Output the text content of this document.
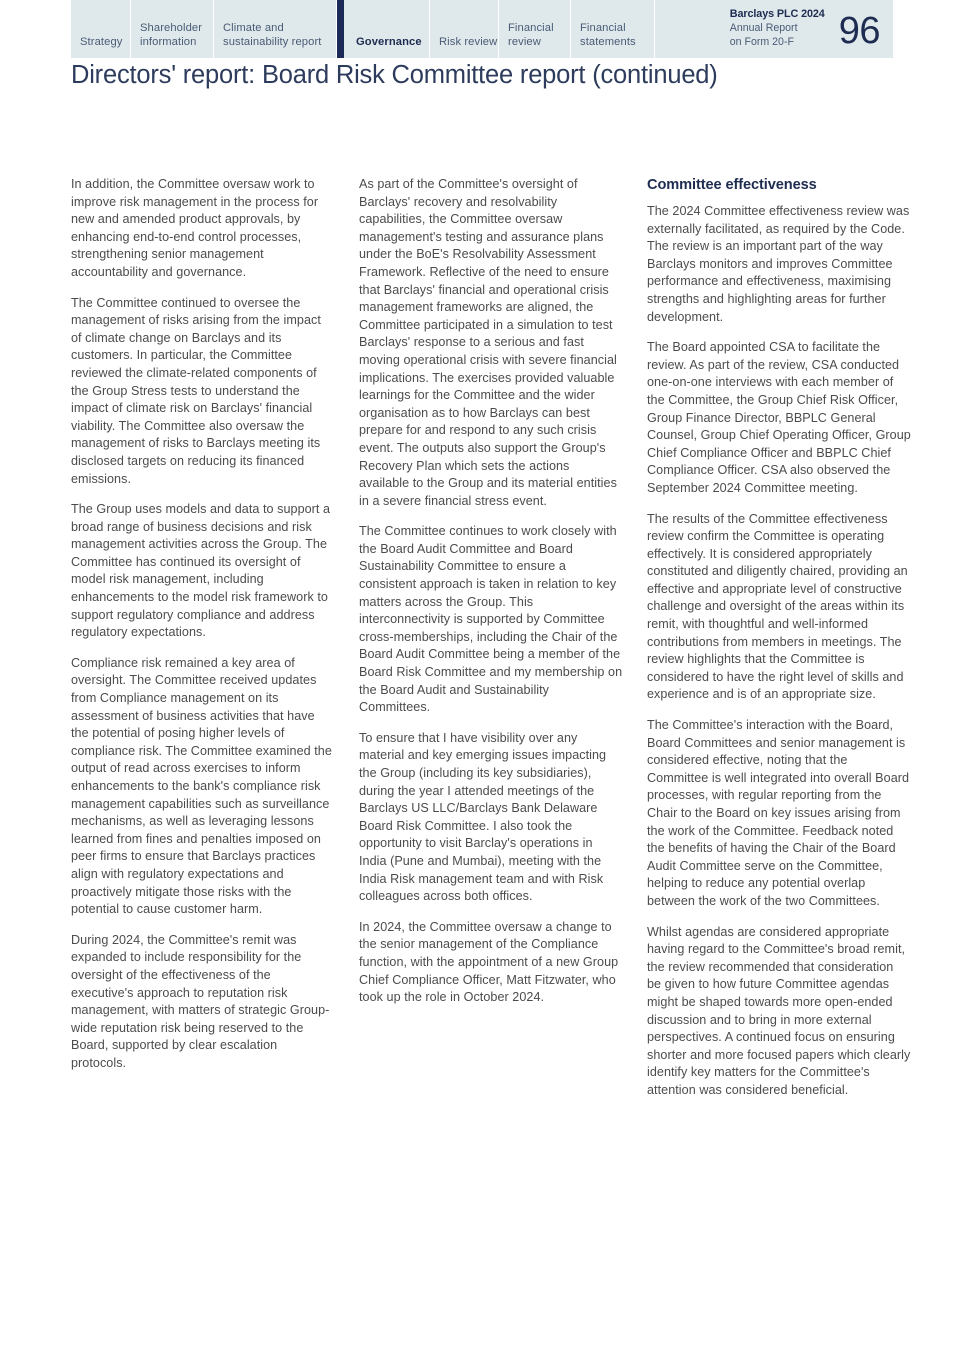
Strategy
Shareholder information
Climate and sustainability report	Governance Risk review
Financial review
Financial statements
Barclays PLC 2024
Annual Report
on Form 20-F	96
Directors' report: Board Risk Committee report (continued)

In addition, the Committee oversaw work to improve risk management in the process for new and amended product approvals, by enhancing end-to-end control processes, strengthening senior management accountability and governance.

The Committee continued to oversee the management of risks arising from the impact of climate change on Barclays and its customers. In particular, the Committee reviewed the climate-related components of the Group Stress tests to understand the impact of climate risk on Barclays' financial viability. The Committee also oversaw the management of risks to Barclays meeting its disclosed targets on reducing its financed emissions.

The Group uses models and data to support a broad range of business decisions and risk management activities across the Group. The Committee has continued its oversight of model risk management, including enhancements to the model risk framework to support regulatory compliance and address regulatory expectations.

Compliance risk remained a key area of oversight. The Committee received updates from Compliance management on its assessment of business activities that have the potential of posing higher levels of compliance risk. The Committee examined the output of read across exercises to inform enhancements to the bank's compliance risk management capabilities such as surveillance mechanisms, as well as leveraging lessons learned from fines and penalties imposed on peer firms to ensure that Barclays practices align with regulatory expectations and proactively mitigate those risks with the potential to cause customer harm.

During 2024, the Committee's remit was expanded to include responsibility for the oversight of the effectiveness of the executive's approach to reputation risk management, with matters of strategic Group-wide reputation risk being reserved to the Board, supported by clear escalation protocols.

As part of the Committee's oversight of Barclays' recovery and resolvability capabilities, the Committee oversaw management's testing and assurance plans under the BoE's Resolvability Assessment Framework. Reflective of the need to ensure that Barclays' financial and operational crisis management frameworks are aligned, the Committee participated in a simulation to test Barclays' response to a serious and fast moving operational crisis with severe financial implications. The exercises provided valuable learnings for the Committee and the wider organisation as to how Barclays can best prepare for and respond to any such crisis event. The outputs also support the Group's Recovery Plan which sets the actions available to the Group and its material entities in a severe financial stress event.

The Committee continues to work closely with the Board Audit Committee and Board Sustainability Committee to ensure a consistent approach is taken in relation to key matters across the Group. This interconnectivity is supported by Committee cross-memberships, including the Chair of the Board Audit Committee being a member of the Board Risk Committee and my membership on the Board Audit and Sustainability Committees.

To ensure that I have visibility over any material and key emerging issues impacting the Group (including its key subsidiaries), during the year I attended meetings of the Barclays US LLC/Barclays Bank Delaware Board Risk Committee. I also took the opportunity to visit Barclay's operations in India (Pune and Mumbai), meeting with the India Risk management team and with Risk colleagues across both offices.

In 2024, the Committee oversaw a change to the senior management of the Compliance function, with the appointment of a new Group Chief Compliance Officer, Matt Fitzwater, who took up the role in October 2024.

Committee effectiveness

The 2024 Committee effectiveness review was externally facilitated, as required by the Code. The review is an important part of the way Barclays monitors and improves Committee performance and effectiveness, maximising strengths and highlighting areas for further development.

The Board appointed CSA to facilitate the review. As part of the review, CSA conducted one-on-one interviews with each member of the Committee, the Group Chief Risk Officer, Group Finance Director, BBPLC General Counsel, Group Chief Operating Officer, Group Chief Compliance Officer and BBPLC Chief Compliance Officer. CSA also observed the September 2024 Committee meeting.

The results of the Committee effectiveness review confirm the Committee is operating effectively. It is considered appropriately constituted and diligently chaired, providing an effective and appropriate level of constructive challenge and oversight of the areas within its remit, with thoughtful and well-informed contributions from members in meetings. The review highlights that the Committee is considered to have the right level of skills and experience and is of an appropriate size.

The Committee's interaction with the Board, Board Committees and senior management is considered effective, noting that the Committee is well integrated into overall Board processes, with regular reporting from the Chair to the Board on key issues arising from the work of the Committee. Feedback noted the benefits of having the Chair of the Board Audit Committee serve on the Committee, helping to reduce any potential overlap between the work of the two Committees.

Whilst agendas are considered appropriate having regard to the Committee's broad remit, the review recommended that consideration be given to how future Committee agendas might be shaped towards more open-ended discussion and to bring in more external perspectives. A continued focus on ensuring shorter and more focused papers which clearly identify key matters for the Committee's attention was considered beneficial.
